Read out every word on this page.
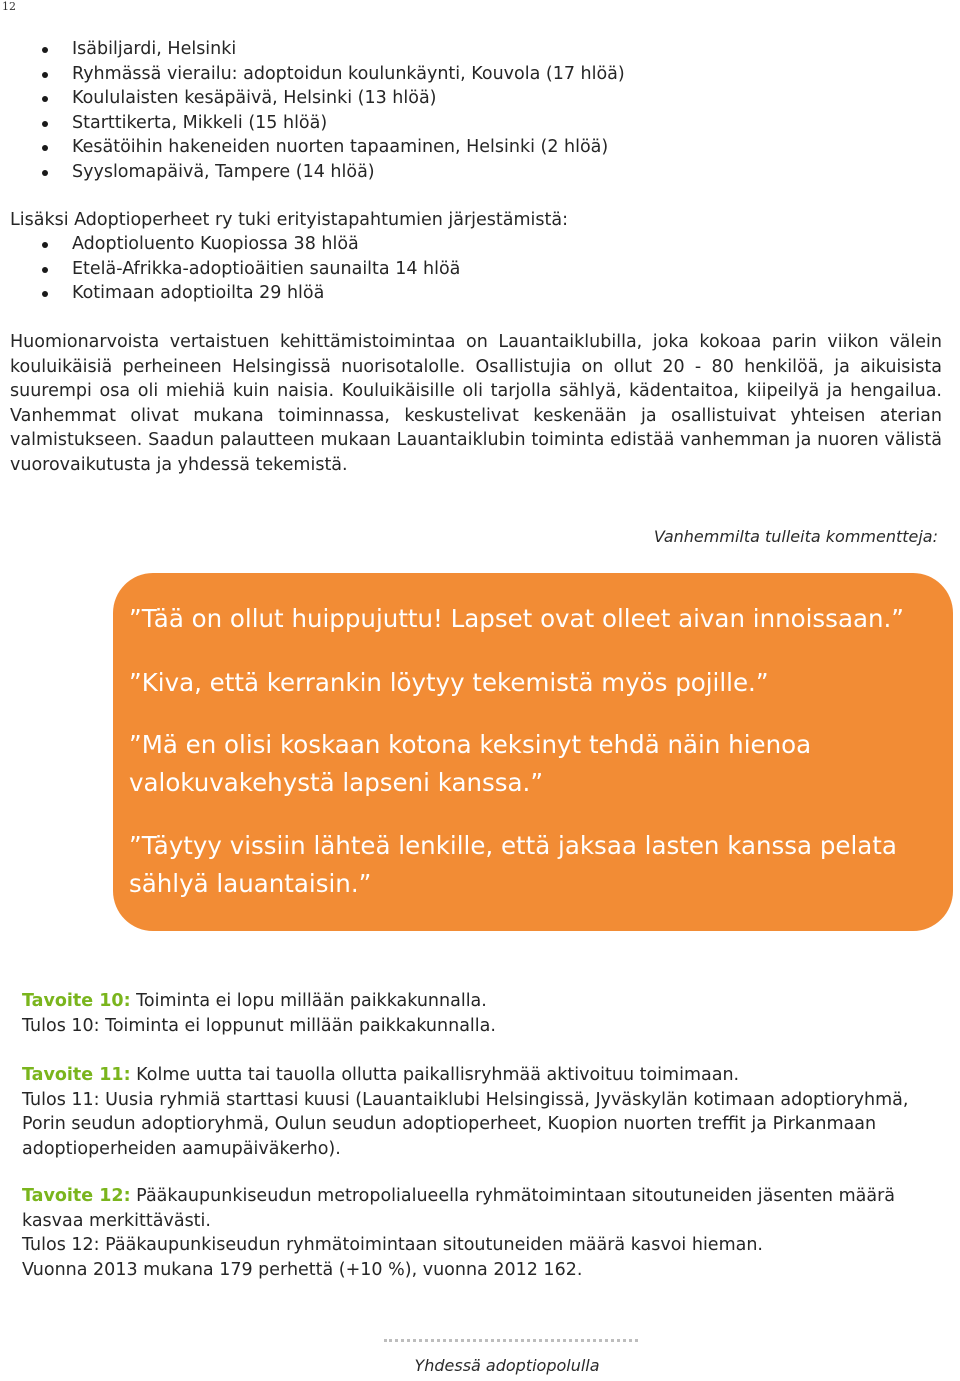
12
Isäbiljardi, Helsinki
Ryhmässä vierailu: adoptoidun koulunkäynti, Kouvola (17 hlöä)
Koululaisten kesäpäivä, Helsinki (13 hlöä)
Starttikerta, Mikkeli (15 hlöä)
Kesätöihin hakeneiden nuorten tapaaminen, Helsinki (2 hlöä)
Syyslomapäivä, Tampere (14 hlöä)
Lisäksi Adoptioperheet ry tuki erityistapahtumien järjestämistä:
Adoptioluento Kuopiossa 38 hlöä
Etelä-Afrikka-adoptioäitien saunailta 14 hlöä
Kotimaan adoptioilta 29 hlöä

Huomionarvoista vertaistuen kehittämistoimintaa on Lauantaiklubilla, joka kokoaa parin viikon välein kouluikäisiä perheineen Helsingissä nuorisotalolle. Osallistujia on ollut 20 - 80 henkilöä, ja aikuisista suurempi osa oli miehiä kuin naisia. Kouluikäisille oli tarjolla sählyä, kädentaitoa, kiipeilyä ja hengailua. Vanhemmat olivat mukana toiminnassa, keskustelivat keskenään ja osallistuivat yhteisen aterian valmistukseen. Saadun palautteen mukaan Lauantaiklubin toiminta edistää vanhemman ja nuoren välistä vuorovaikutusta ja yhdessä tekemistä.

Vanhemmilta tulleita kommentteja:

”Tää on ollut huippujuttu! Lapset ovat olleet aivan innoissaan.”

”Kiva, että kerrankin löytyy tekemistä myös pojille.”

”Mä en olisi koskaan kotona keksinyt tehdä näin hienoa valokuvakehystä lapseni kanssa.”

”Täytyy vissiin lähteä lenkille, että jaksaa lasten kanssa pelata sählyä lauantaisin.”

Tavoite 10: Toiminta ei lopu millään paikkakunnalla.
Tulos 10: Toiminta ei loppunut millään paikkakunnalla.
Tavoite 11: Kolme uutta tai tauolla ollutta paikallisryhmää aktivoituu toimimaan.
Tulos 11: Uusia ryhmiä starttasi kuusi (Lauantaiklubi Helsingissä, Jyväskylän kotimaan adoptioryhmä, Porin seudun adoptioryhmä, Oulun seudun adoptioperheet, Kuopion nuorten treffit ja Pirkanmaan adoptioperheiden aamupäiväkerho).
Tavoite 12: Pääkaupunkiseudun metropolialueella ryhmätoimintaan sitoutuneiden jäsenten määrä kasvaa merkittävästi.
Tulos 12: Pääkaupunkiseudun ryhmätoimintaan sitoutuneiden määrä kasvoi hieman.
Vuonna 2013 mukana 179 perhettä (+10 %), vuonna 2012 162.
Yhdessä adoptiopolulla
